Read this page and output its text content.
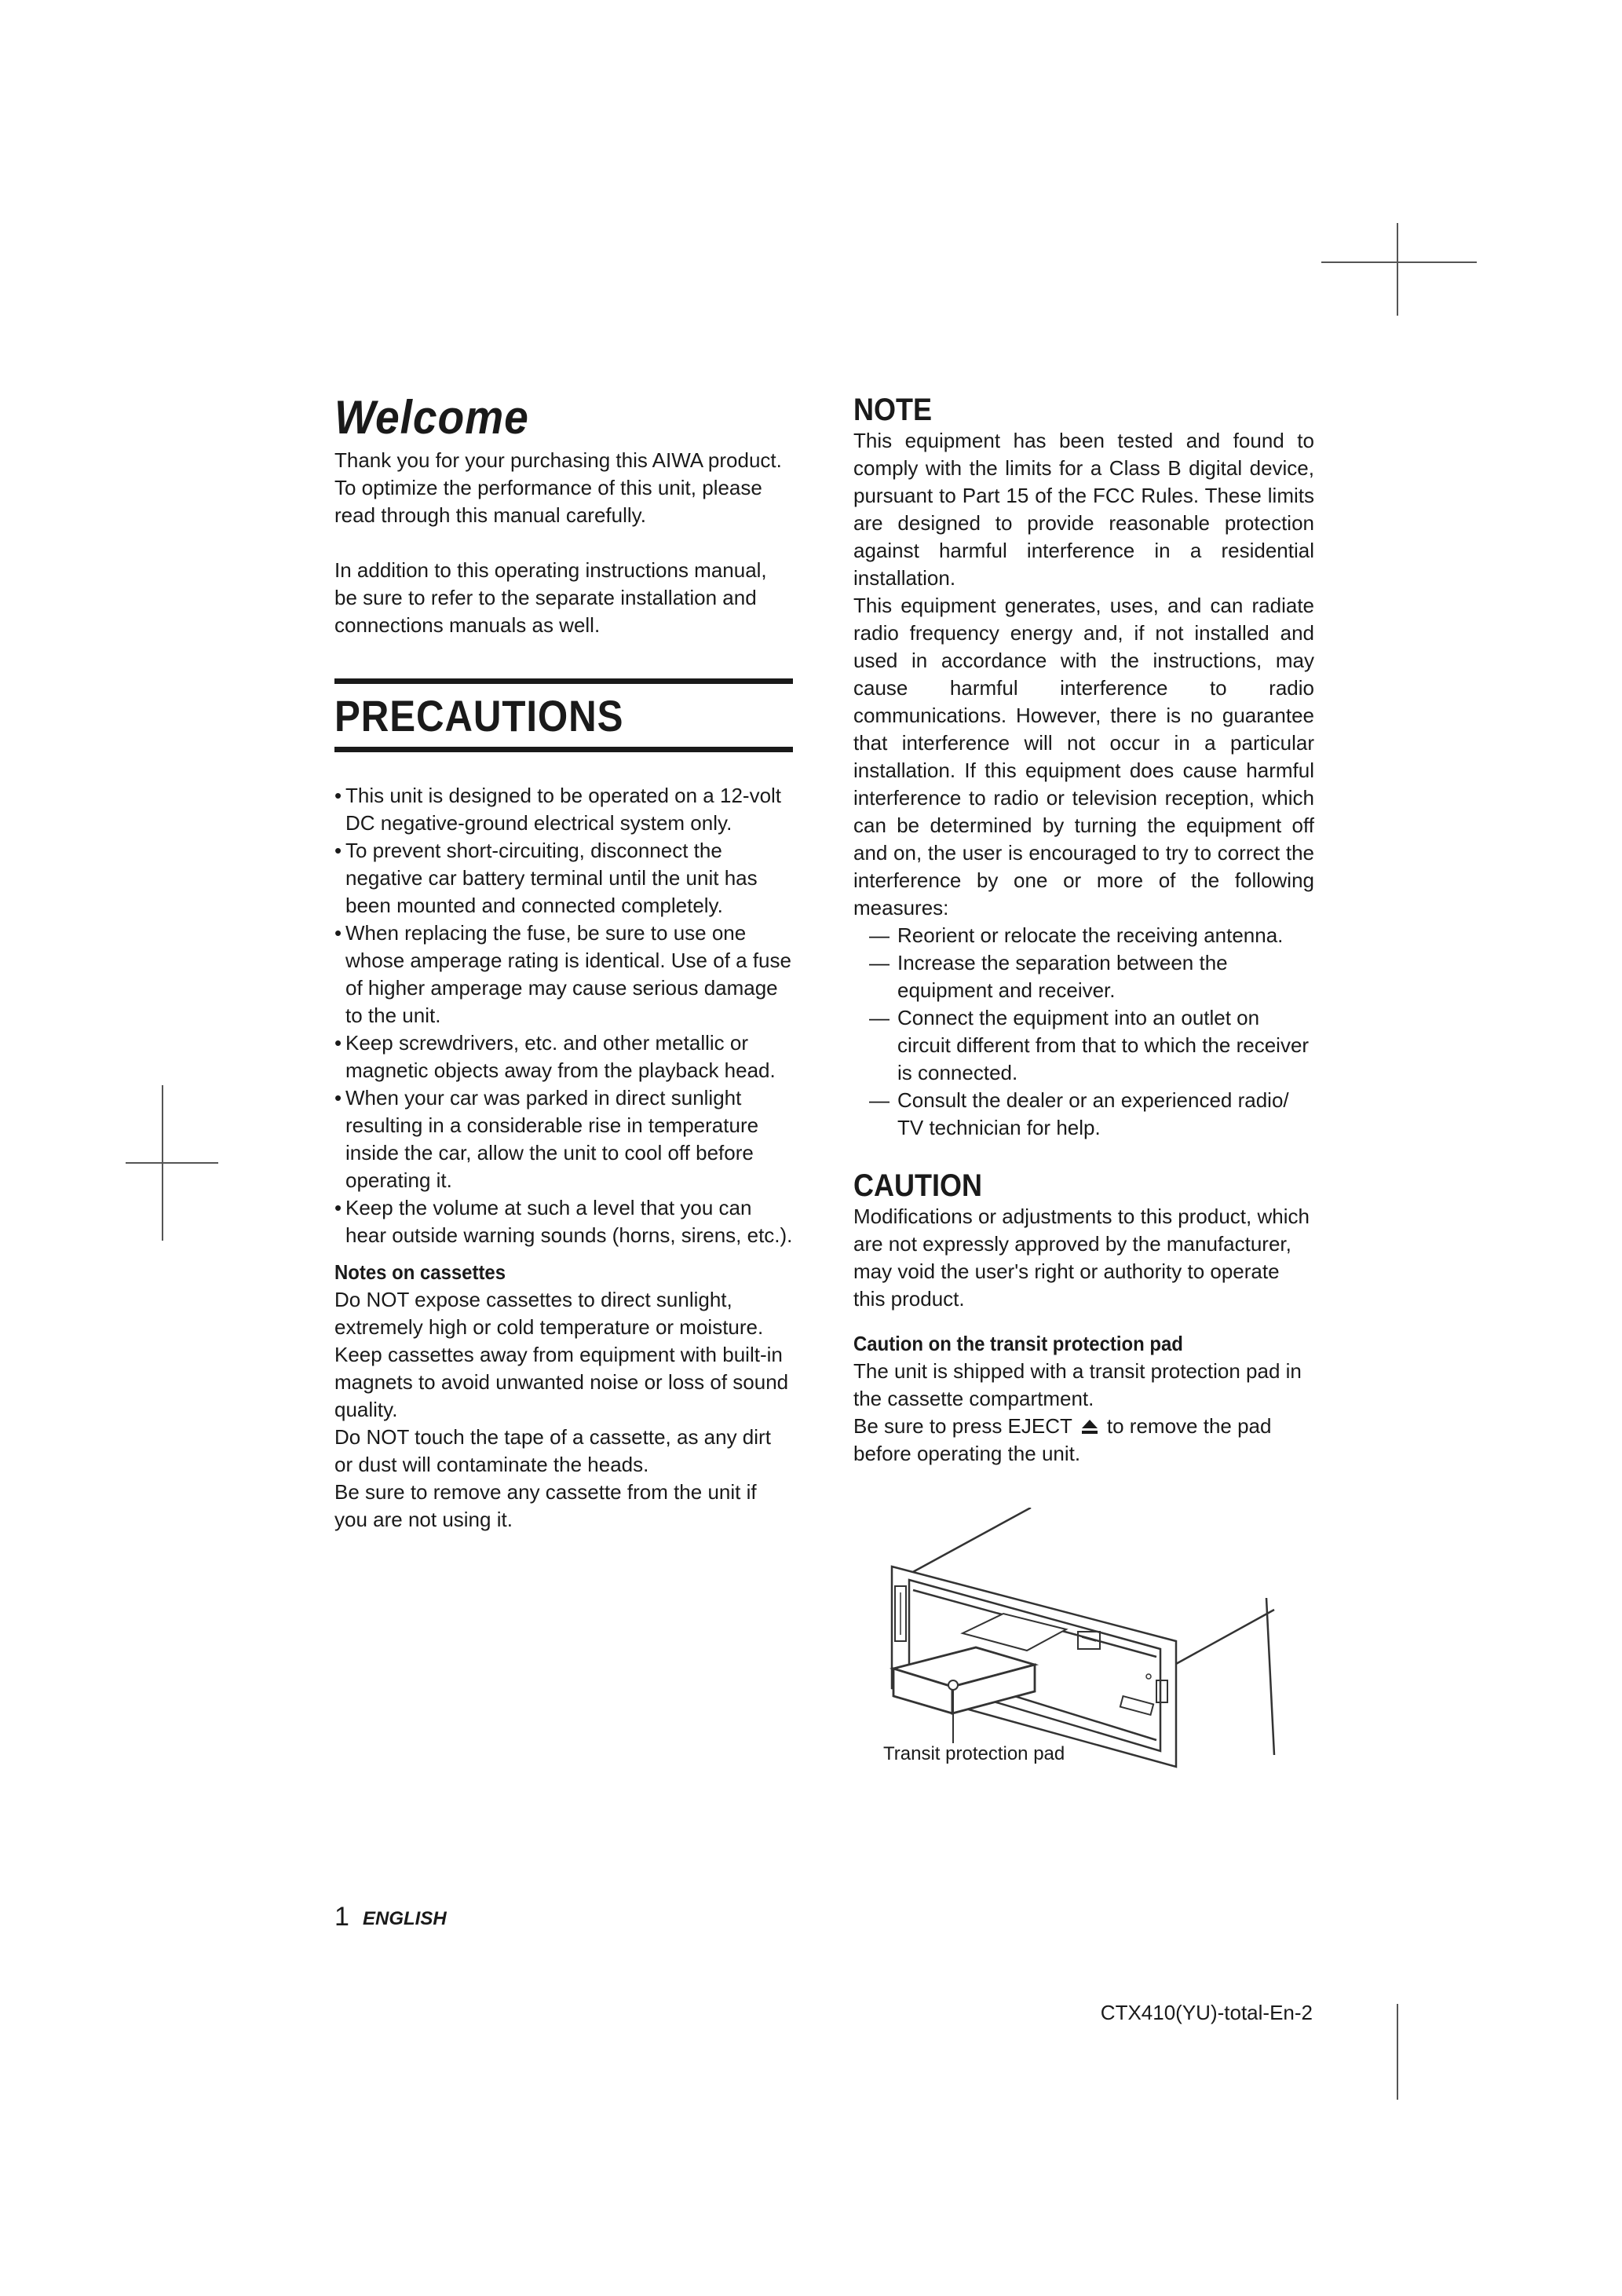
Welcome

Thank you for your purchasing this AIWA product. To optimize the performance of this unit, please read through this manual carefully.

In addition to this operating instructions manual, be sure to refer to the separate installation and connections manuals as well.

PRECAUTIONS
• This unit is designed to be operated on a 12-volt DC negative-ground electrical system only.
• To prevent short-circuiting, disconnect the negative car battery terminal until the unit has been mounted and connected completely.
• When replacing the fuse, be sure to use one whose amperage rating is identical. Use of a fuse of higher amperage may cause serious damage to the unit.
• Keep screwdrivers, etc. and other metallic or magnetic objects away from the playback head.
• When your car was parked in direct sunlight resulting in a considerable rise in temperature inside the car, allow the unit to cool off before operating it.
• Keep the volume at such a level that you can hear outside warning sounds (horns, sirens, etc.).
Notes on cassettes

Do NOT expose cassettes to direct sunlight, extremely high or cold temperature or moisture.

Keep cassettes away from equipment with built-in magnets to avoid unwanted noise or loss of sound quality.

Do NOT touch the tape of a cassette, as any dirt or dust will contaminate the heads.

Be sure to remove any cassette from the unit if you are not using it.

NOTE

This equipment has been tested and found to comply with the limits for a Class B digital device, pursuant to Part 15 of the FCC Rules. These limits are designed to provide reasonable protection against harmful interference in a residential installation.

This equipment generates, uses, and can radiate radio frequency energy and, if not installed and used in accordance with the instructions, may cause harmful interference to radio communications. However, there is no guarantee that interference will not occur in a particular installation. If this equipment does cause harmful interference to radio or television reception, which can be determined by turning the equipment off and on, the user is encouraged to try to correct the interference by one or more of the following measures:

— Reorient or relocate the receiving antenna.
— Increase the separation between the equipment and receiver.
— Connect the equipment into an outlet on circuit different from that to which the receiver is connected.
— Consult the dealer or an experienced radio/ TV technician for help.
CAUTION

Modifications or adjustments to this product, which are not expressly approved by the manufacturer, may void the user's right or authority to operate this product.

Caution on the transit protection pad

The unit is shipped with a transit protection pad in the cassette compartment.

Be sure to press EJECT to remove the pad before operating the unit.

Transit protection pad
1 ENGLISH
CTX410(YU)-total-En-2
